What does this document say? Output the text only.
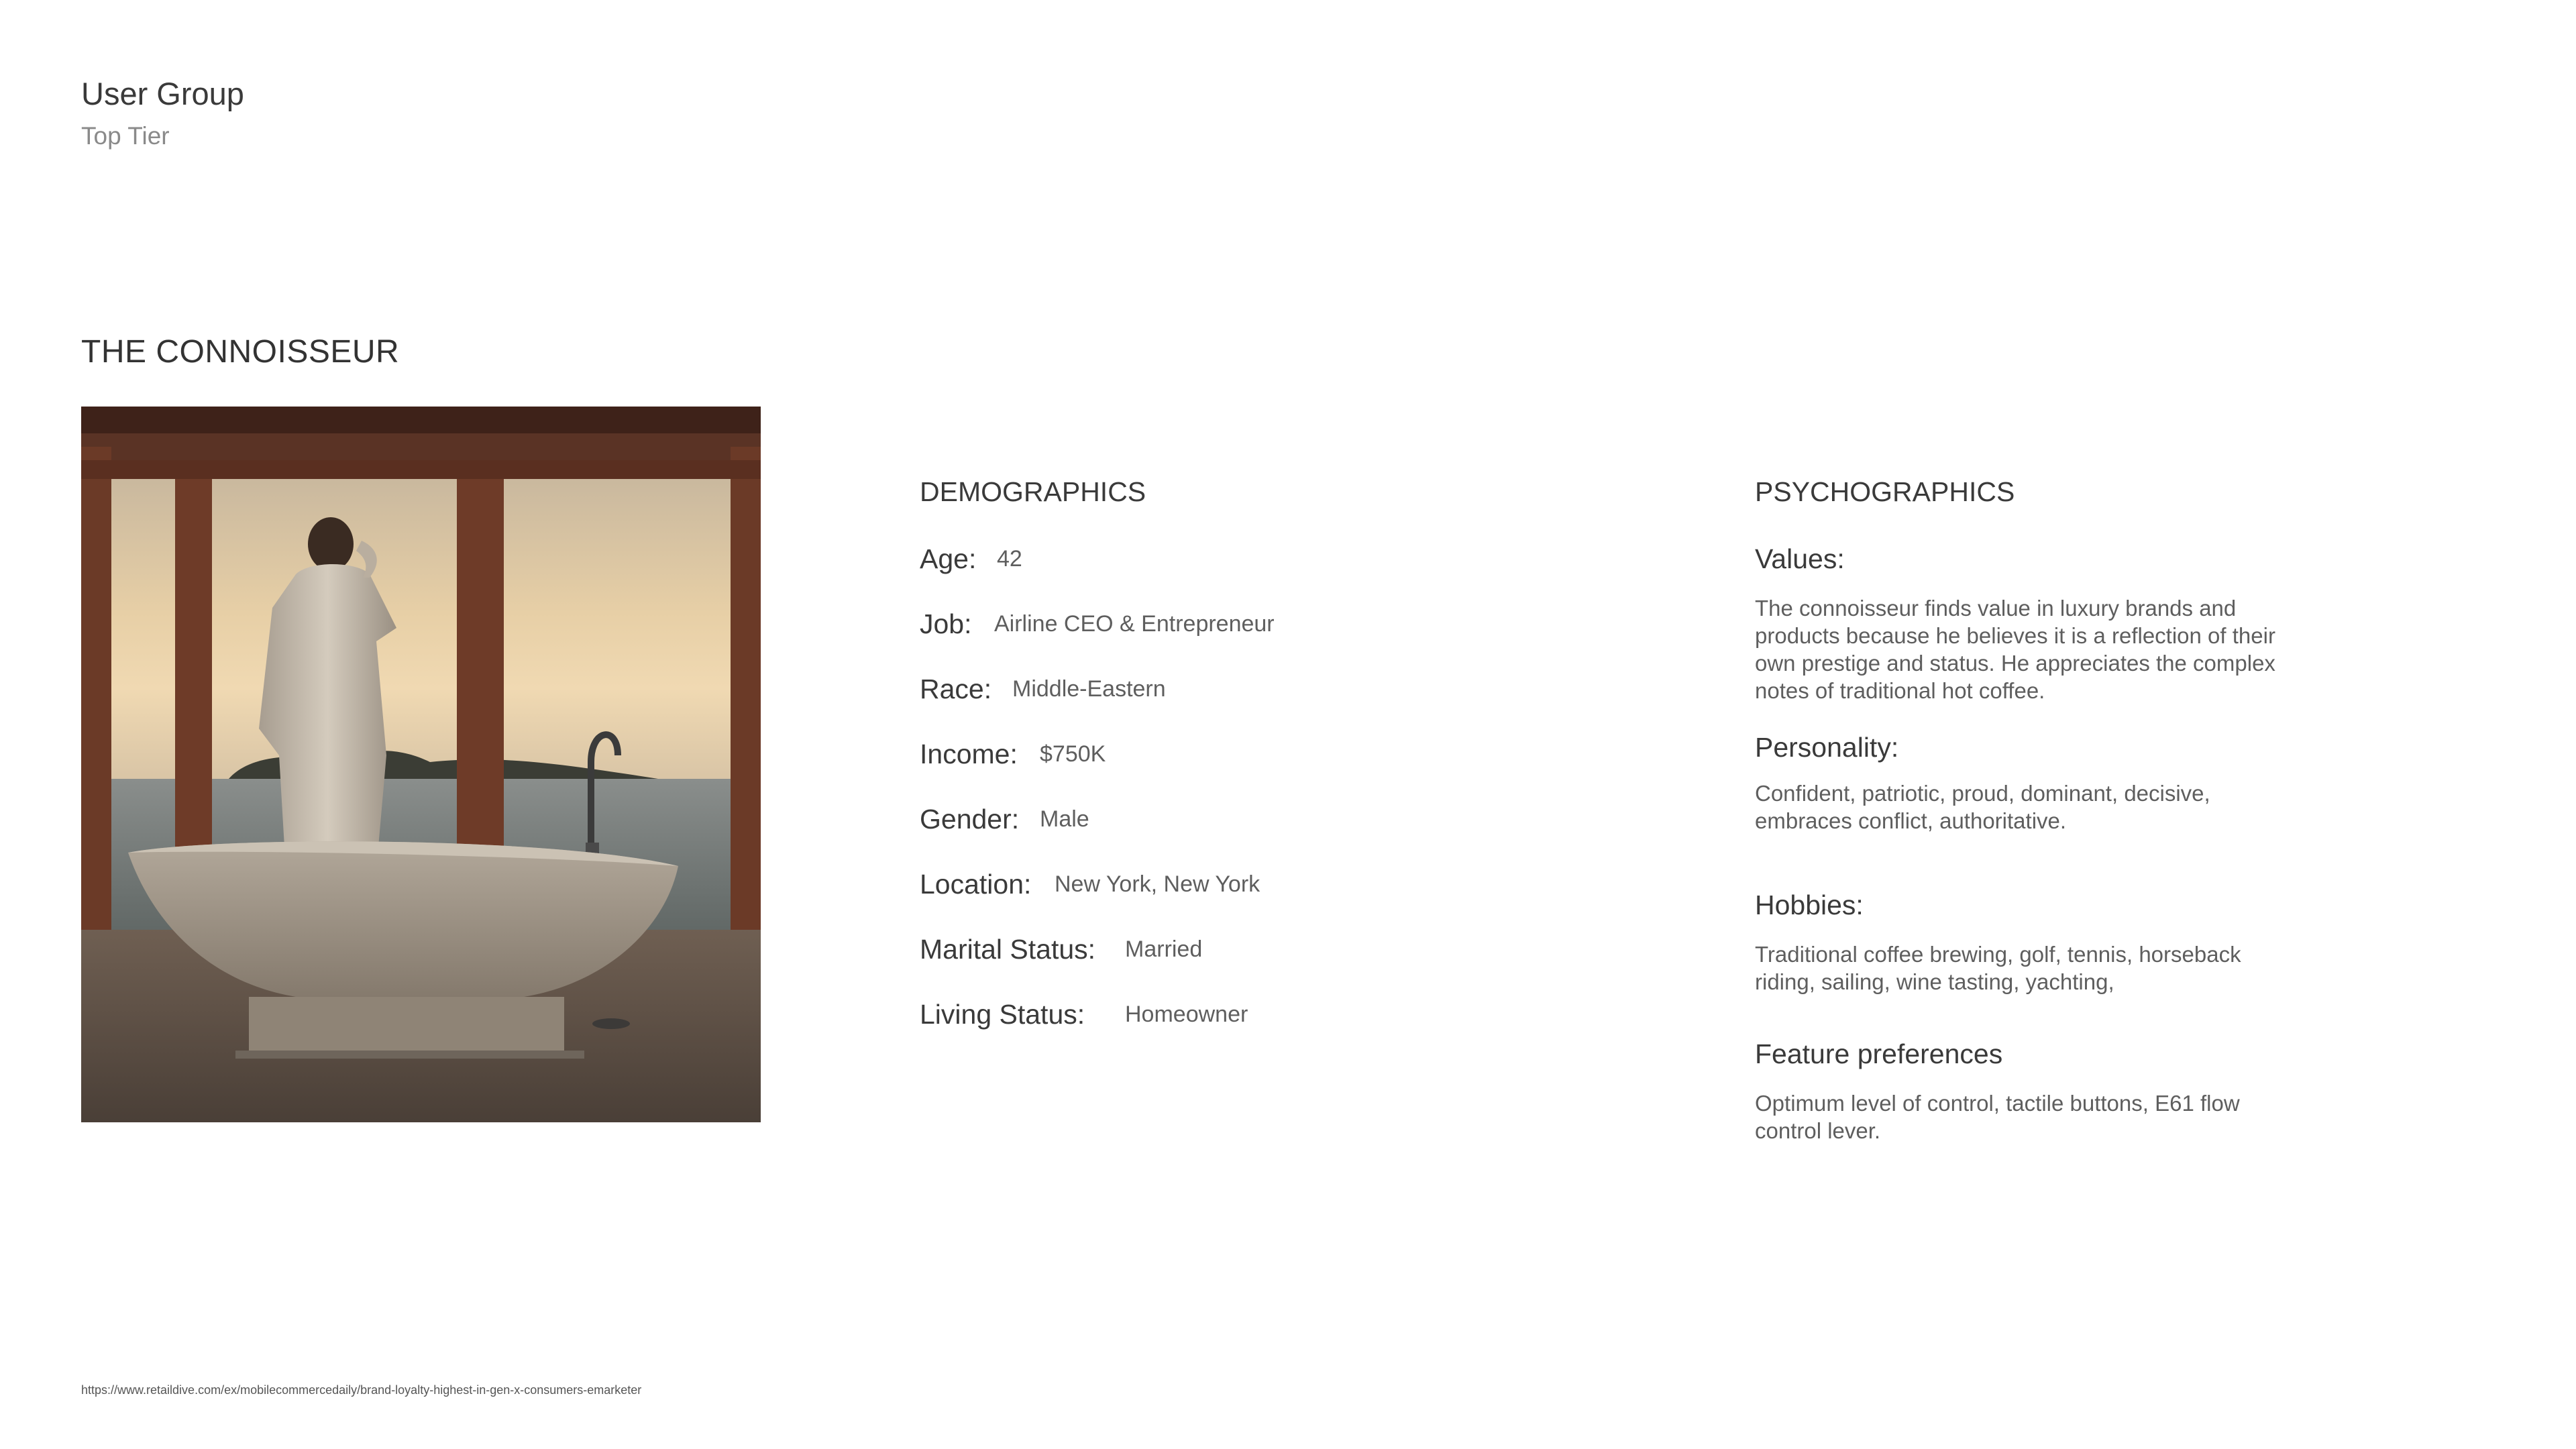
User Group
Top Tier
THE CONNOISSEUR
DEMOGRAPHICS
Age: 42
Job: Airline CEO & Entrepreneur
Race: Middle-Eastern
Income: $750K
Gender: Male
Location: New York, New York
Marital Status: Married
Living Status: Homeowner
PSYCHOGRAPHICS
Values:
The connoisseur finds value in luxury brands and products because he believes it is a reflection of their own prestige and status. He appreciates the complex notes of traditional hot coffee.
Personality:
Confident, patriotic, proud, dominant, decisive, embraces conflict, authoritative.
Hobbies:
Traditional coffee brewing, golf, tennis, horseback riding, sailing, wine tasting, yachting,
Feature preferences
Optimum level of control, tactile buttons, E61 flow control lever.
https://www.retaildive.com/ex/mobilecommercedaily/brand-loyalty-highest-in-gen-x-consumers-emarketer
